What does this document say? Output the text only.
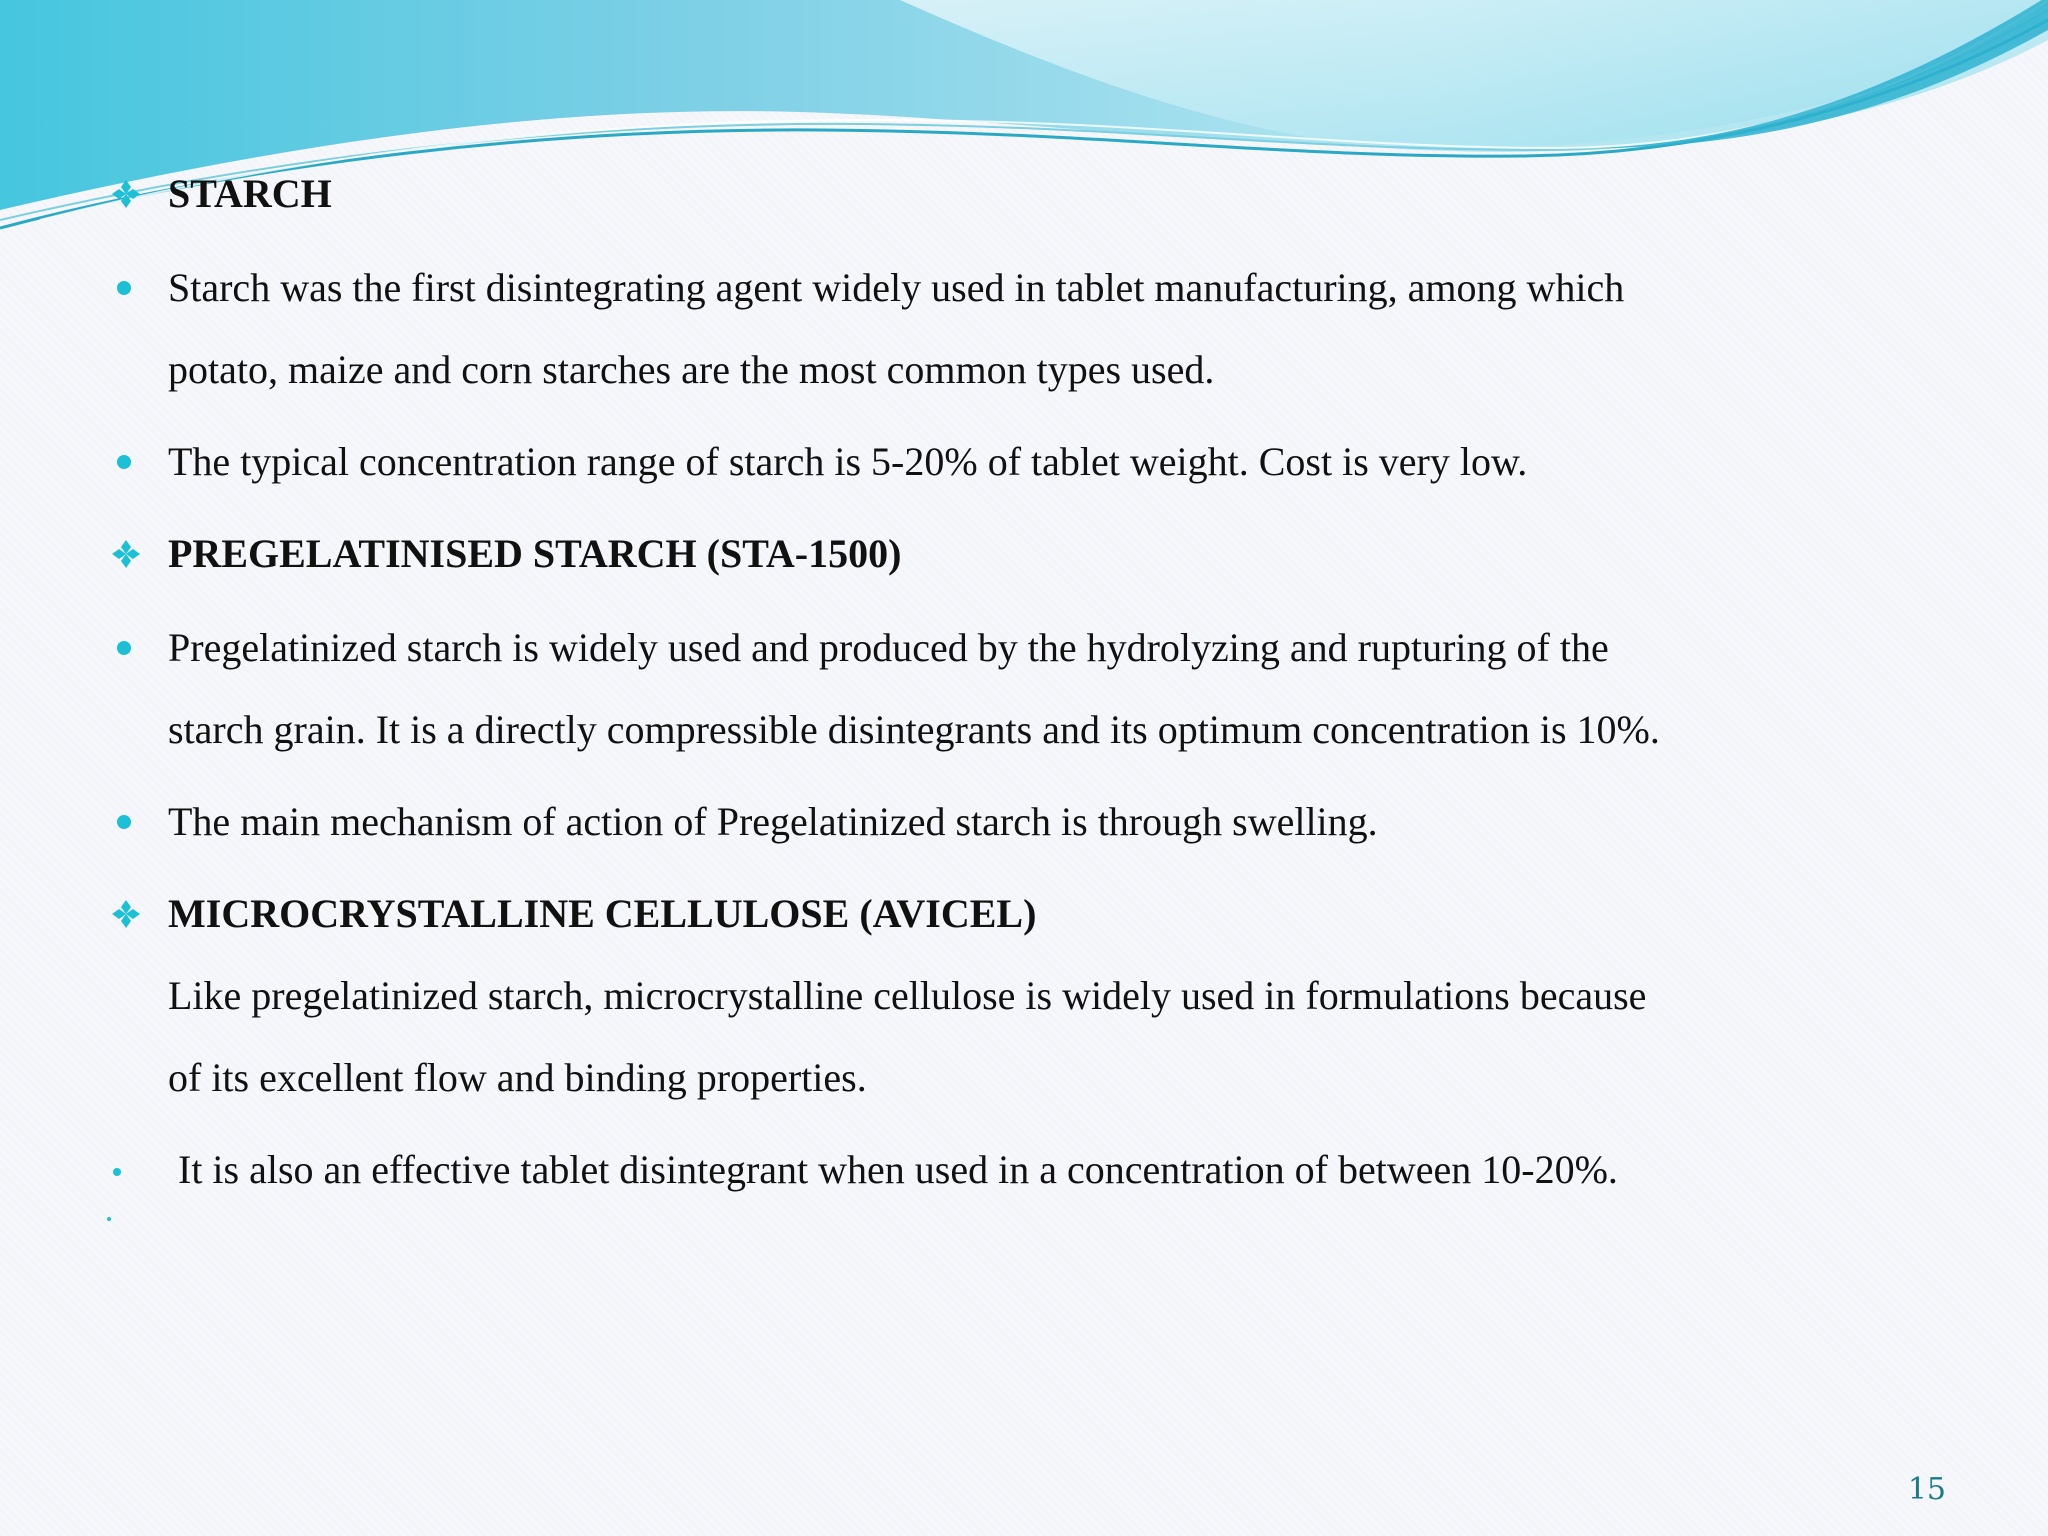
STARCH
Starch was the first disintegrating agent widely used in tablet manufacturing, among which
potato, maize and corn starches are the most common types used.
The typical concentration range of starch is 5-20% of tablet weight. Cost is very low.
PREGELATINISED STARCH (STA-1500)
Pregelatinized starch is widely used and produced by the hydrolyzing and rupturing of the
starch grain. It is a directly compressible disintegrants and its optimum concentration is 10%.
The main mechanism of action of Pregelatinized starch is through swelling.
MICROCRYSTALLINE CELLULOSE (AVICEL)
Like pregelatinized starch, microcrystalline cellulose is widely used in formulations because
of its excellent flow and binding properties.
It is also an effective tablet disintegrant when used in a concentration of between 10-20%.
15
